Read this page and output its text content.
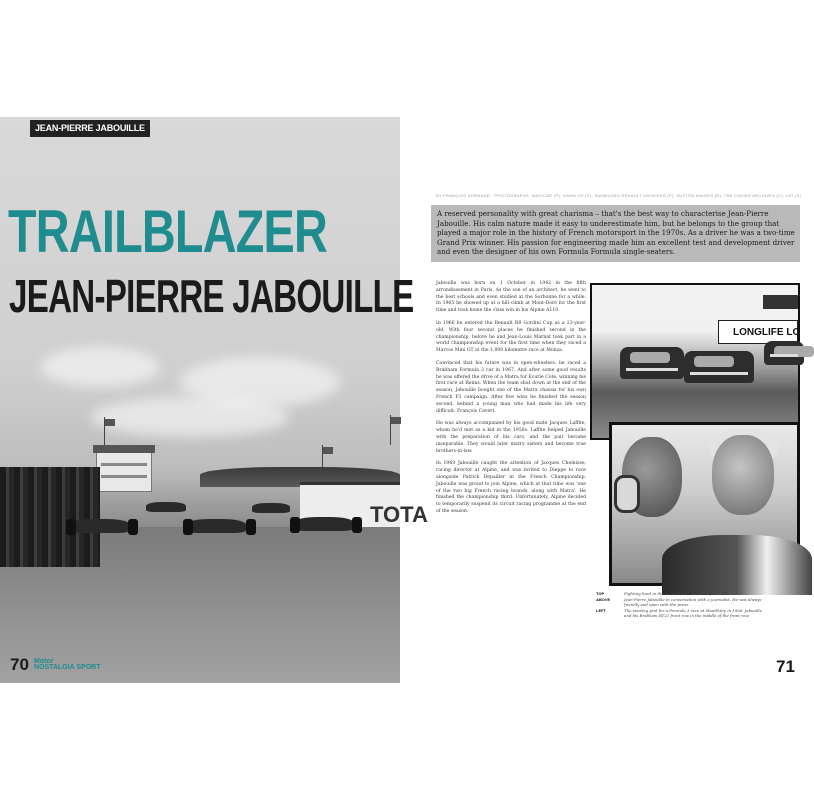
JEAN-PIERRE JABOUILLE
TRAILBLAZER
JEAN-PIERRE JABOUILLE
TOTA
70 Motor
NOSTALGIA SPORT
BY FRANÇOIS DORNAND · PHOTOGRAPHS: MAGICAR (P), DAWN OF (C), SAMMLUNG RENAULT ARCHIVES (P), SUTTON IMAGES (R), THE CAHIER ARCHIVES (C), LAT (S)
A reserved personality with great charisma – that's the best way to characterise Jean-Pierre Jabouille. His calm nature made it easy to underestimate him, but he belongs to the group that played a major role in the history of French motorsport in the 1970s. As a driver he was a two-time Grand Prix winner. His passion for engineering made him an excellent test and development driver and even the designer of his own Formula Formula single-seaters.

Jabouille was born on 1 October in 1942 in the fifth arrondissement in Paris. As the son of an architect, he went to the best schools and even studied at the Sorbonne for a while. In 1965 he showed up at a hill-climb at Mont-Dore for the first time and took home the class win in his Alpine A110.

In 1966 he entered the Renault R8 Gordini Cup as a 23-year-old. With four second places he finished second in the championship, before he and Jean-Louis Marnat took part in a world championship event for the first time when they raced a Marcos Mini GT at the 1,000 kilometre race at Monza.

Convinced that his future was in open-wheelers, he raced a Brabham Formula 3 car in 1967. And after some good results he was offered the drive of a Matra for Ecurie Cote, winning his first race at Reims. When the team shut down at the end of the season, Jabouille bought one of the Matra chassis for his own French F3 campaign. After five wins he finished the season second, behind a young man who had made his life very difficult: François Cevert.

He was always accompanied by his good mate Jacques Laffite, whom he'd met as a kid in the 1950s. Laffite helped Jabouille with the preparation of his cars, and the pair became inseparable. They would later marry sisters and become true brothers-in-law.

In 1969 Jabouille caught the attention of Jacques Cheinisse, racing director at Alpine, and was invited to Dieppe to race alongside Patrick Depailler in the French Championship. Jabouille was proud to join Alpine, which at that time was 'one of the two big French racing brands, along with Matra'. He finished the championship third. Unfortunately, Alpine decided to temporarily suspend its circuit racing programme at the end of the season.

LONGLIFE LO
TOP	Fighting hard in the Renault R8 Gordini Cup in 1966.
ABOVE	Jean-Pierre Jabouille in conversation with a journalist. He was always friendly and open with the press.
LEFT	The starting grid for a Formula 3 race at Montlhéry in 1968. Jabouille and his Brabham BT21 front row in the middle of the front row.
71
